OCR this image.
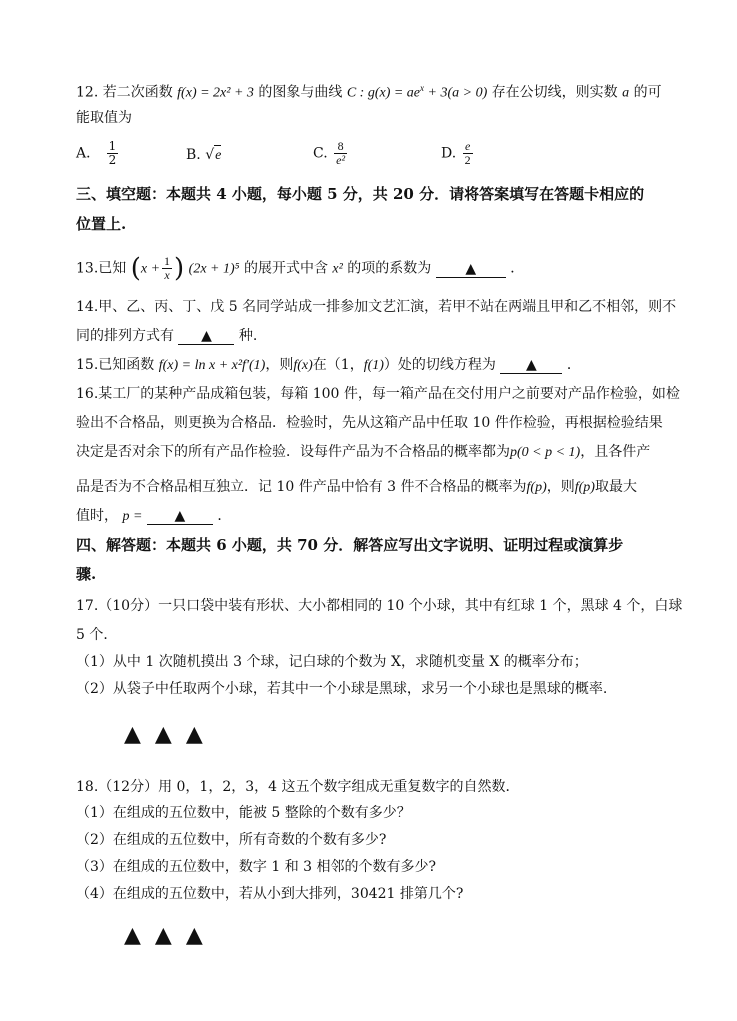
12. 若二次函数 f(x) = 2x² + 3 的图象与曲线 C : $g(x) = ae^x + 3(a > 0)$ 存在公切线，则实数 a 的可
能取值为
A． $\frac{1}{2}$	B. √e	C. $\frac{8}{\text{e²}}$	D. $\frac{e}{2}$
三、填空题：本题共 4 小题，每小题 5 分，共 20 分．请将答案填写在答题卡相应的
位置上.
13.已知 ($x + \frac{1}{x}$ ) (2x + 1)⁵ 的展开式中含 x² 的项的系数为 ▲ ．
14.甲、乙、丙、丁、戊 5 名同学站成一排参加文艺汇演，若甲不站在两端且甲和乙不相邻，则不
同的排列方式有 ▲ 种.
15.已知函数 f(x) = ln x + x²f′(1)，则f(x)在（1，f(1)）处的切线方程为 ▲ ．
16.某工厂的某种产品成箱包装，每箱 100 件，每一箱产品在交付用户之前要对产品作检验，如检
验出不合格品，则更换为合格品．检验时，先从这箱产品中任取 10 件作检验，再根据检验结果
决定是否对余下的所有产品作检验．设每件产品为不合格品的概率都为p(0 < p < 1)，且各件产
品是否为不合格品相互独立．记 10 件产品中恰有 3 件不合格品的概率为f(p)，则f(p)取最大
值时， p = ▲ ．
四、解答题：本题共 6 小题，共 70 分．解答应写出文字说明、证明过程或演算步
骤.
17.（10分）一只口袋中装有形状、大小都相同的 10 个小球，其中有红球 1 个，黑球 4 个，白球
5 个．
（1）从中 1 次随机摸出 3 个球，记白球的个数为 X，求随机变量 X 的概率分布；
（2）从袋子中任取两个小球，若其中一个小球是黑球，求另一个小球也是黑球的概率.
▲▲▲
18.（12分）用 0，1，2，3，4 这五个数字组成无重复数字的自然数．
（1）在组成的五位数中，能被 5 整除的个数有多少？
（2）在组成的五位数中，所有奇数的个数有多少?
（3）在组成的五位数中，数字 1 和 3 相邻的个数有多少?
（4）在组成的五位数中，若从小到大排列，30421 排第几个?
▲▲▲
